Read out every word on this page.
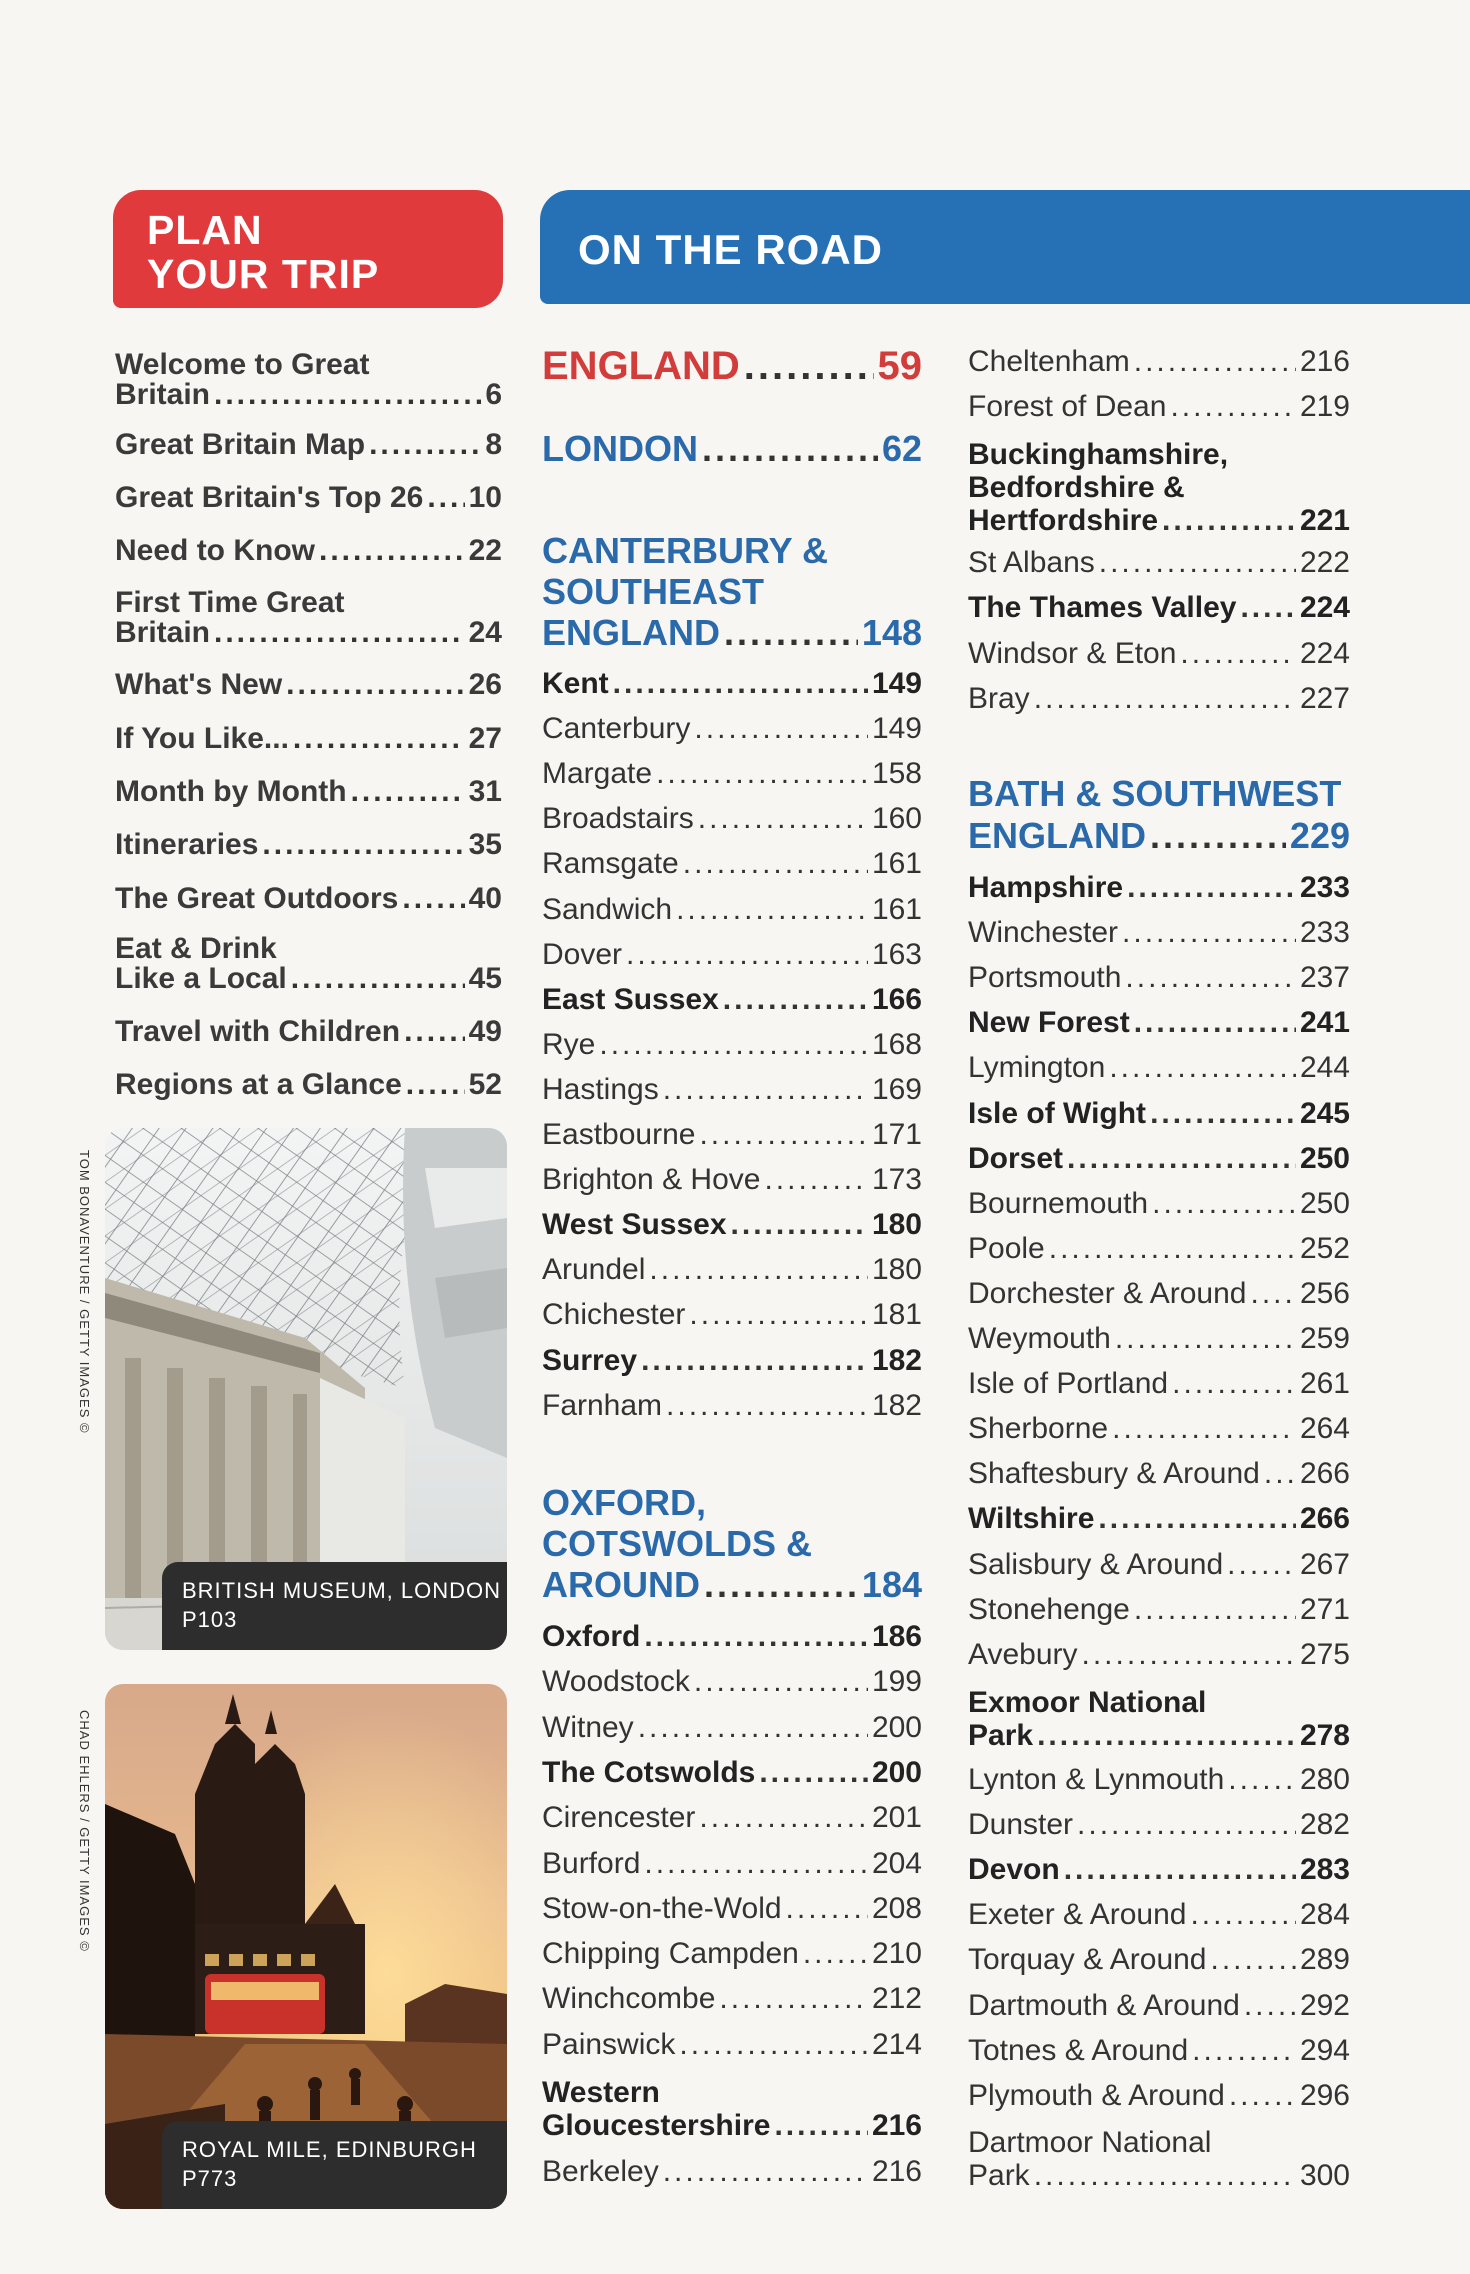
PLAN
YOUR TRIP
ON THE ROAD
Welcome to Great
Britain .....	6
Great Britain Map .....	8
Great Britain's Top 26 ..... 10
Need to Know .....	22
First Time Great
Britain .....	24
What's New .....	26
If You Like... .....	27
Month by Month .....	31
Itineraries .....	35
The Great Outdoors ..... 40
Eat & Drink
Like a Local .....	45
Travel with Children ..... 49
Regions at a Glance ..... 52
BRITISH MUSEUM, LONDON
P103
TOM BONAVENTURE / GETTY IMAGES ©
ROYAL MILE, EDINBURGH
P773
CHAD EHLERS / GETTY IMAGES ©
ENGLAND .....	59
LONDON .....	62
CANTERBURY &
SOUTHEAST
ENGLAND .....	148
Kent .....	149
Canterbury .....	149
Margate .....	158
Broadstairs .....	160
Ramsgate .....	161
Sandwich .....	161
Dover .....	163
East Sussex .....	166
Rye .....	168
Hastings .....	169
Eastbourne .....	171
Brighton & Hove .....	173
West Sussex .....	180
Arundel .....	180
Chichester .....	181
Surrey .....	182
Farnham .....	182
OXFORD,
COTSWOLDS &
AROUND .....	184
Oxford .....	186
Woodstock .....	199
Witney .....	200
The Cotswolds .....	200
Cirencester .....	201
Burford .....	204
Stow-on-the-Wold .....	208
Chipping Campden ..... 210
Winchcombe .....	212
Painswick .....	214
Western
Gloucestershire .....	216
Berkeley .....	216
Cheltenham .....	216
Forest of Dean .....	219
Buckinghamshire,
Bedfordshire &
Hertfordshire .....	221
St Albans .....	222
The Thames Valley ..... 224
Windsor & Eton .....	224
Bray .....	227
BATH & SOUTHWEST
ENGLAND .....	229
Hampshire .....	233
Winchester .....	233
Portsmouth .....	237
New Forest .....	241
Lymington .....	244
Isle of Wight .....	245
Dorset .....	250
Bournemouth .....	250
Poole .....	252
Dorchester & Around ..... 256
Weymouth .....	259
Isle of Portland .....	261
Sherborne .....	264
Shaftesbury & Around ..... 266
Wiltshire .....	266
Salisbury & Around .....	267
Stonehenge .....	271
Avebury .....	275
Exmoor National
Park .....	278
Lynton & Lynmouth .....	280
Dunster .....	282
Devon .....	283
Exeter & Around .....	284
Torquay & Around .....	289
Dartmouth & Around ..... 292
Totnes & Around .....	294
Plymouth & Around .....	296
Dartmoor National
Park .....	300
